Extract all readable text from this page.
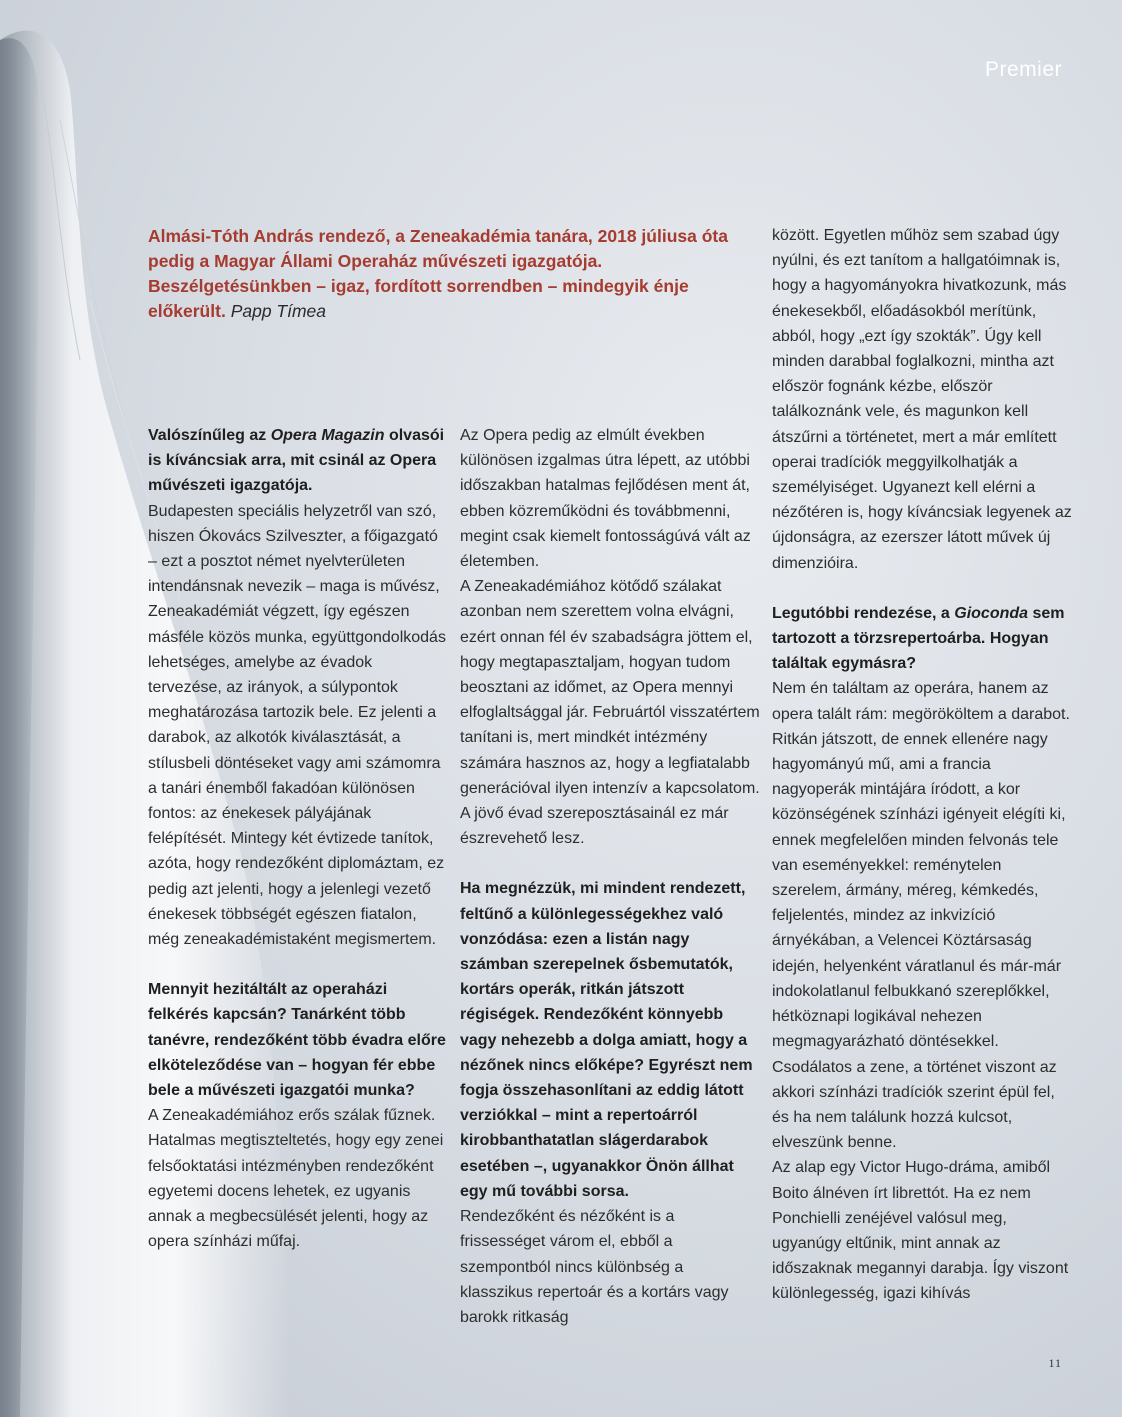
Premier
Almási-Tóth András rendező, a Zeneakadémia tanára, 2018 júliusa óta pedig a Magyar Állami Operaház művészeti igazgatója. Beszélgetésünkben – igaz, fordított sorrendben – mindegyik énje előkerült. Papp Tímea

Valószínűleg az Opera Magazin olvasói is kíváncsiak arra, mit csinál az Opera művészeti igazgatója.

Budapesten speciális helyzetről van szó, hiszen Ókovács Szilveszter, a főigazgató – ezt a posztot német nyelvterületen intendánsnak nevezik – maga is művész, Zeneakadémiát végzett, így egészen másféle közös munka, együttgondolkodás lehetséges, amelybe az évadok tervezése, az irányok, a súlypontok meghatározása tartozik bele. Ez jelenti a darabok, az alkotók kiválasztását, a stílusbeli döntéseket vagy ami számomra a tanári énemből fakadóan különösen fontos: az énekesek pályájának felépítését. Mintegy két évtizede tanítok, azóta, hogy rendezőként diplomáztam, ez pedig azt jelenti, hogy a jelenlegi vezető énekesek többségét egészen fiatalon, még zeneakadémistaként megismertem.

Mennyit hezitáltált az operaházi felkérés kapcsán? Tanárként több tanévre, rendezőként több évadra előre elköteleződése van – hogyan fér ebbe bele a művészeti igazgatói munka?

A Zeneakadémiához erős szálak fűznek. Hatalmas megtiszteltetés, hogy egy zenei felsőoktatási intézményben rendezőként egyetemi docens lehetek, ez ugyanis annak a megbecsülését jelenti, hogy az opera színházi műfaj.

Az Opera pedig az elmúlt években különösen izgalmas útra lépett, az utóbbi időszakban hatalmas fejlődésen ment át, ebben közreműködni és továbbmenni, megint csak kiemelt fontosságúvá vált az életemben.

A Zeneakadémiához kötődő szálakat azonban nem szerettem volna elvágni, ezért onnan fél év szabadságra jöttem el, hogy megtapasztaljam, hogyan tudom beosztani az időmet, az Opera mennyi elfoglaltsággal jár. Februártól visszatértem tanítani is, mert mindkét intézmény számára hasznos az, hogy a legfiatalabb generációval ilyen intenzív a kapcsolatom. A jövő évad szereposztásainál ez már észrevehető lesz.

Ha megnézzük, mi mindent rendezett, feltűnő a különlegességekhez való vonzódása: ezen a listán nagy számban szerepelnek ősbemutatók, kortárs operák, ritkán játszott régiségek. Rendezőként könnyebb vagy nehezebb a dolga amiatt, hogy a nézőnek nincs előképe? Egyrészt nem fogja összehasonlítani az eddig látott verziókkal – mint a repertoárról kirobbanthatatlan slágerdarabok esetében –, ugyanakkor Önön állhat egy mű további sorsa.

Rendezőként és nézőként is a frissességet várom el, ebből a szempontból nincs különbség a klasszikus repertoár és a kortárs vagy barokk ritkaság

között. Egyetlen műhöz sem szabad úgy nyúlni, és ezt tanítom a hallgatóimnak is, hogy a hagyományokra hivatkozunk, más énekesekből, előadásokból merítünk, abból, hogy „ezt így szokták”. Úgy kell minden darabbal foglalkozni, mintha azt először fognánk kézbe, először találkoznánk vele, és magunkon kell átszűrni a történetet, mert a már említett operai tradíciók meggyilkolhatják a személyiséget. Ugyanezt kell elérni a nézőtéren is, hogy kíváncsiak legyenek az újdonságra, az ezerszer látott művek új dimenzióira.

Legutóbbi rendezése, a Gioconda sem tartozott a törzsrepertoárba. Hogyan találtak egymásra?

Nem én találtam az operára, hanem az opera talált rám: megörököltem a darabot. Ritkán játszott, de ennek ellenére nagy hagyományú mű, ami a francia nagyoperák mintájára íródott, a kor közönségének színházi igényeit elégíti ki, ennek megfelelően minden felvonás tele van eseményekkel: reménytelen szerelem, ármány, méreg, kémkedés, feljelentés, mindez az inkvizíció árnyékában, a Velencei Köztársaság idején, helyenként váratlanul és már-már indokolatlanul felbukkanó szereplőkkel, hétköznapi logikával nehezen megmagyarázható döntésekkel. Csodálatos a zene, a történet viszont az akkori színházi tradíciók szerint épül fel, és ha nem találunk hozzá kulcsot, elveszünk benne.

Az alap egy Victor Hugo-dráma, amiből Boito álnéven írt librettót. Ha ez nem Ponchielli zenéjével valósul meg, ugyanúgy eltűnik, mint annak az időszaknak megannyi darabja. Így viszont különlegesség, igazi kihívás

11
